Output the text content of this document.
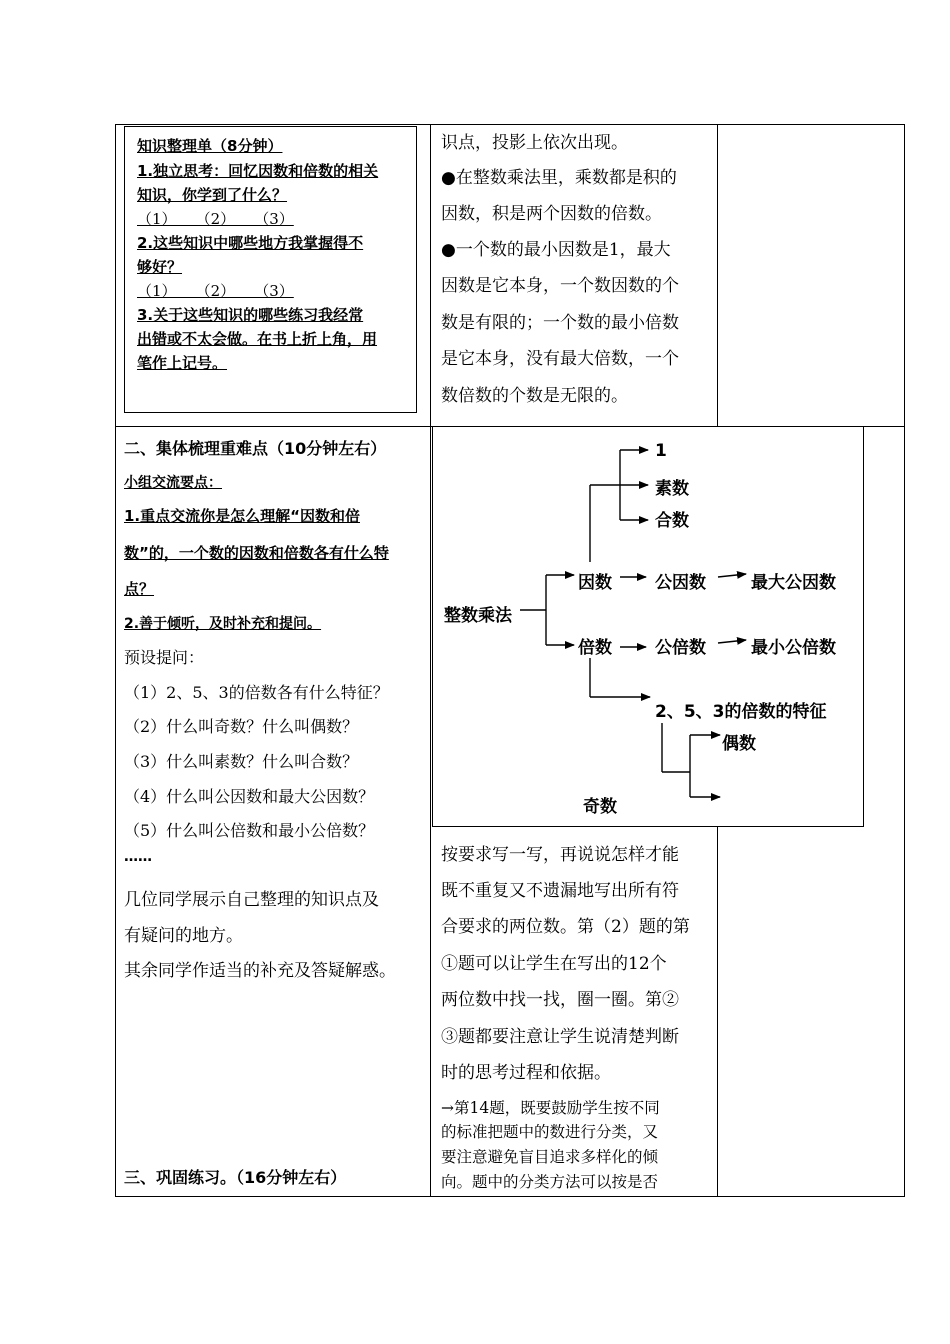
知识整理单（8分钟）
1.独立思考：回忆因数和倍数的相关
知识，你学到了什么？
（1）    （2）    （3）
2.这些知识中哪些地方我掌握得不
够好？
（1）    （2）    （3）
3.关于这些知识的哪些练习我经常
出错或不太会做。在书上折上角，用
笔作上记号。
识点，投影上依次出现。
●在整数乘法里，乘数都是积的
因数，积是两个因数的倍数。
●一个数的最小因数是1，最大
因数是它本身，一个数因数的个
数是有限的；一个数的最小倍数
是它本身，没有最大倍数，一个
数倍数的个数是无限的。
二、集体梳理重难点（10分钟左右）
小组交流要点：
1.重点交流你是怎么理解“因数和倍
数”的，一个数的因数和倍数各有什么特
点？
2.善于倾听，及时补充和提问。
预设提问：
（1）2、5、3的倍数各有什么特征？
（2）什么叫奇数？什么叫偶数？
（3）什么叫素数？什么叫合数？
（4）什么叫公因数和最大公因数？
（5）什么叫公倍数和最小公倍数？
……
几位同学展示自己整理的知识点及
有疑问的地方。
其余同学作适当的补充及答疑解惑。
三、巩固练习。（16分钟左右）
整数乘法
因数
倍数
1
素数
合数
公因数	最大公因数
公倍数	最小公倍数
2、5、3的倍数的特征
偶数
奇数
按要求写一写，再说说怎样才能
既不重复又不遗漏地写出所有符
合要求的两位数。第（2）题的第
①题可以让学生在写出的12个
两位数中找一找，圈一圈。第②
③题都要注意让学生说清楚判断
时的思考过程和依据。
→第14题，既要鼓励学生按不同
的标准把题中的数进行分类，又
要注意避免盲目追求多样化的倾
向。题中的分类方法可以按是否
